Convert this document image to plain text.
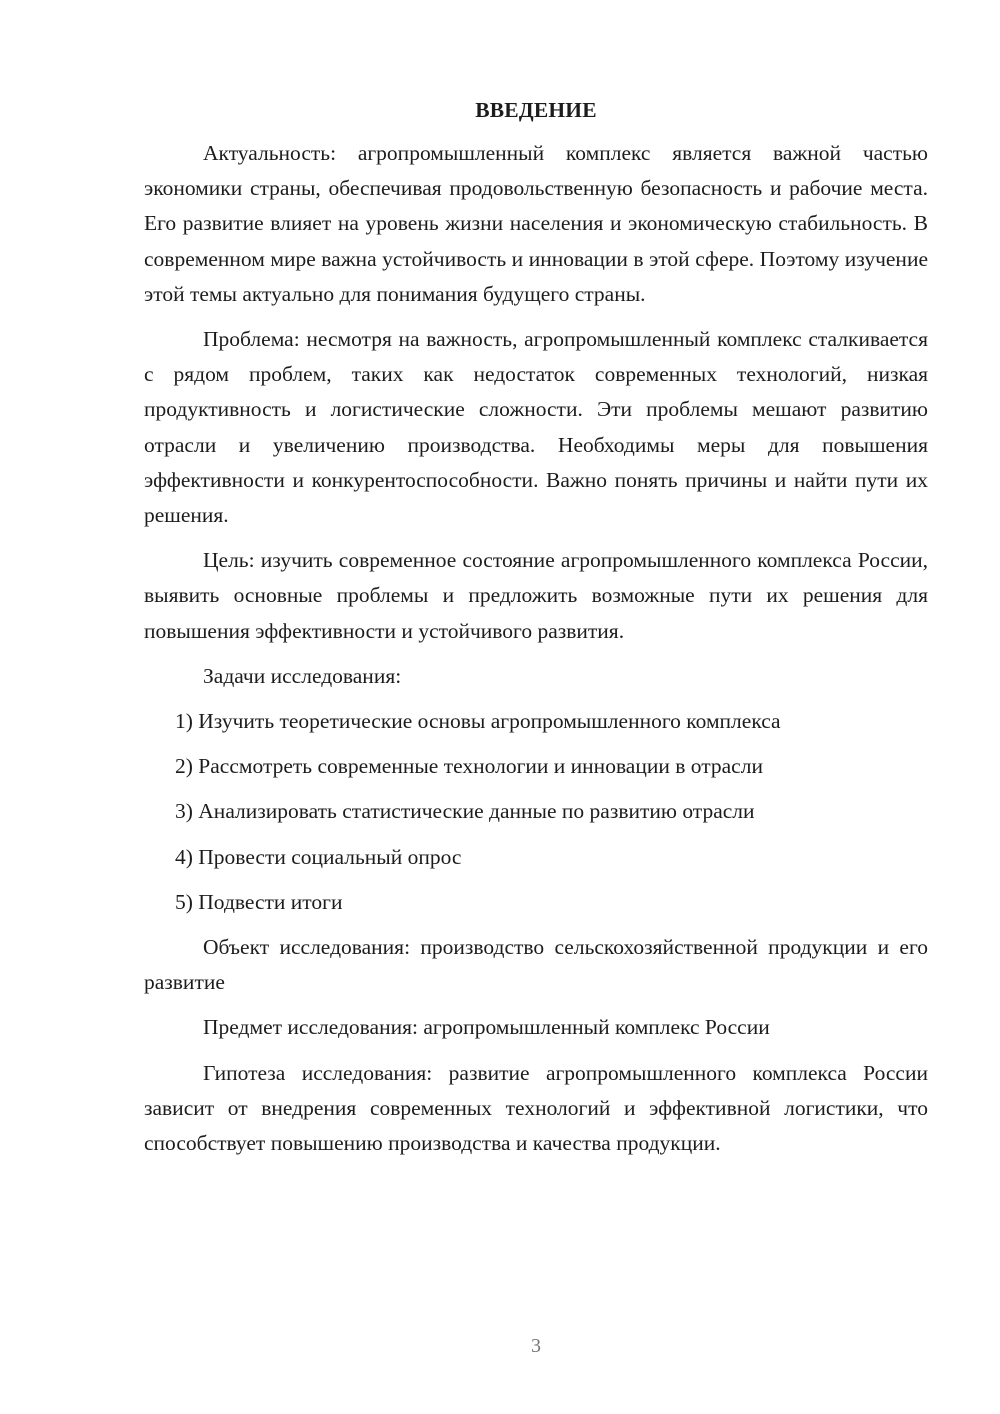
ВВЕДЕНИЕ

Актуальность: агропромышленный комплекс является важной частью экономики страны, обеспечивая продовольственную безопасность и рабочие места. Его развитие влияет на уровень жизни населения и экономическую стабильность. В современном мире важна устойчивость и инновации в этой сфере. Поэтому изучение этой темы актуально для понимания будущего страны.

Проблема: несмотря на важность, агропромышленный комплекс сталкивается с рядом проблем, таких как недостаток современных технологий, низкая продуктивность и логистические сложности. Эти проблемы мешают развитию отрасли и увеличению производства. Необходимы меры для повышения эффективности и конкурентоспособности. Важно понять причины и найти пути их решения.

Цель: изучить современное состояние агропромышленного комплекса России, выявить основные проблемы и предложить возможные пути их решения для повышения эффективности и устойчивого развития.

Задачи исследования:

1) Изучить теоретические основы агропромышленного комплекса
2) Рассмотреть современные технологии и инновации в отрасли
3) Анализировать статистические данные по развитию отрасли
4) Провести социальный опрос
5) Подвести итоги

Объект исследования: производство сельскохозяйственной продукции и его развитие

Предмет исследования: агропромышленный комплекс России

Гипотеза исследования: развитие агропромышленного комплекса России зависит от внедрения современных технологий и эффективной логистики, что способствует повышению производства и качества продукции.

3
